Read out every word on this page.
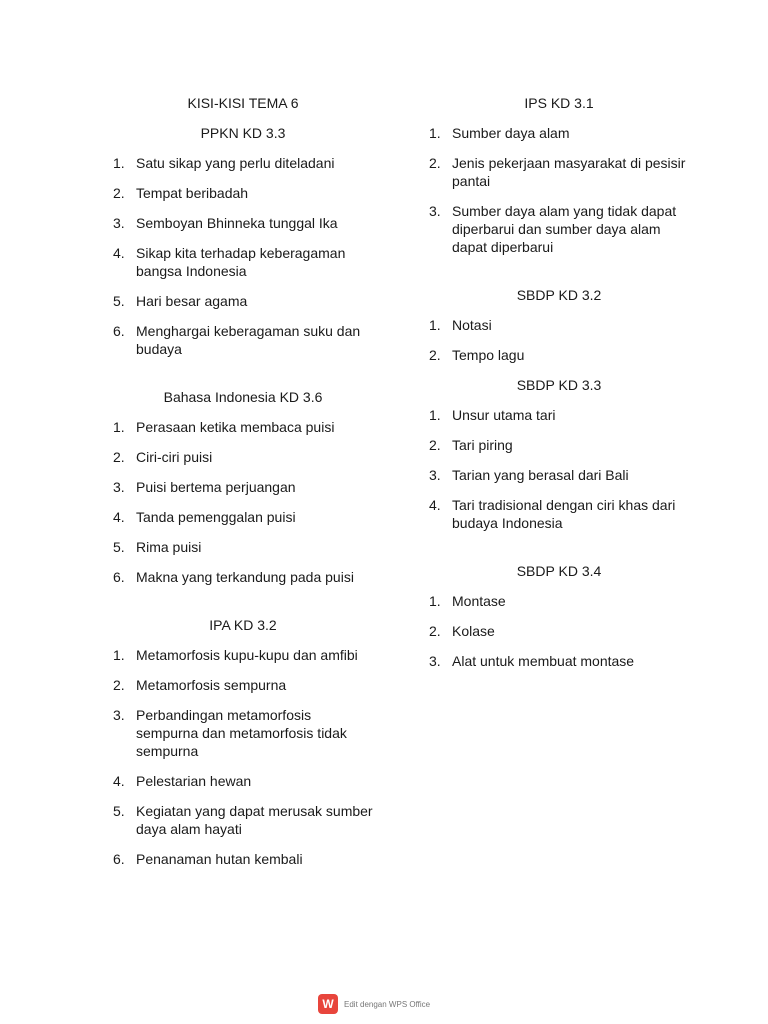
KISI-KISI TEMA 6
PPKN KD 3.3
1. Satu sikap yang perlu diteladani
2. Tempat beribadah
3. Semboyan Bhinneka tunggal Ika
4. Sikap kita terhadap keberagaman bangsa Indonesia
5. Hari besar agama
6. Menghargai keberagaman suku dan budaya
Bahasa Indonesia KD 3.6
1. Perasaan ketika membaca puisi
2. Ciri-ciri puisi
3. Puisi bertema perjuangan
4. Tanda pemenggalan puisi
5. Rima puisi
6. Makna yang terkandung pada puisi
IPA KD 3.2
1. Metamorfosis kupu-kupu dan amfibi
2. Metamorfosis sempurna
3. Perbandingan metamorfosis sempurna dan metamorfosis tidak sempurna
4. Pelestarian hewan
5. Kegiatan yang dapat merusak sumber daya alam hayati
6. Penanaman hutan kembali
IPS KD 3.1
1. Sumber daya alam
2. Jenis pekerjaan masyarakat di pesisir pantai
3. Sumber daya alam yang tidak dapat diperbarui dan sumber daya alam dapat diperbarui
SBDP KD 3.2
1. Notasi
2. Tempo lagu
SBDP KD 3.3
1. Unsur utama tari
2. Tari piring
3. Tarian yang berasal dari Bali
4. Tari tradisional dengan ciri khas dari budaya Indonesia
SBDP KD 3.4
1. Montase
2. Kolase
3. Alat untuk membuat montase
W	Edit dengan WPS Office
